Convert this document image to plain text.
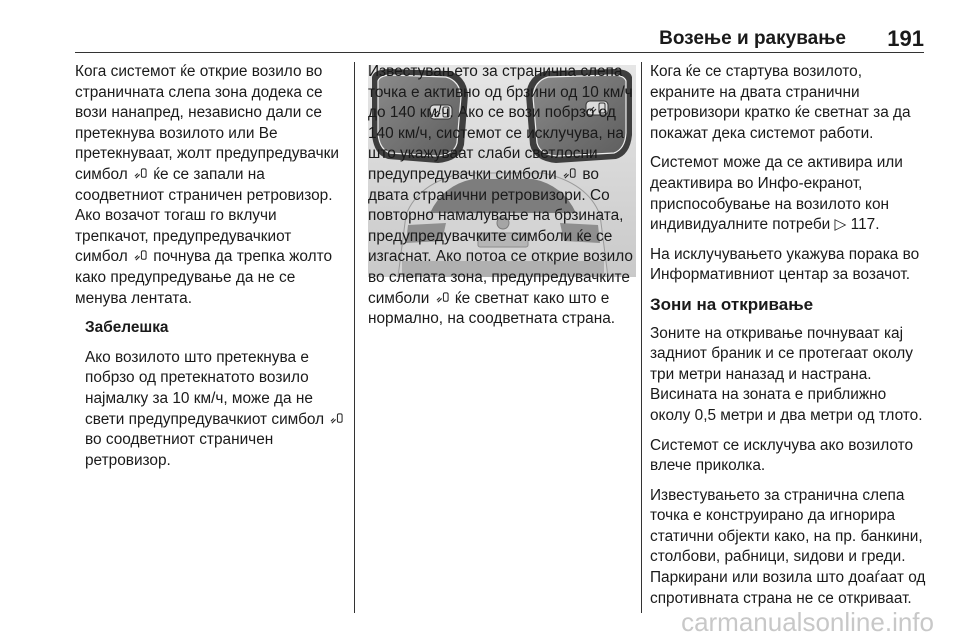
Возење и ракување 191

Кога системот ќе открие возило во страничната слепа зона додека се вози нанапред, независно дали се претекнува возилото или Ве претекнуваат, жолт предупредувачки симбол ќе се запали на соодветниот страничен ретровизор. Ако возачот тогаш го вклучи трепкачот, предупредувачкиот симбол почнува да трепка жолто како предупредување да не се менува лентата.

Забелешка

Ако возилото што претекнува е побрзо од претекнатото возило најмалку за 10 км/ч, може да не свети предупредувачкиот симбол  во соодветниот страничен ретровизор.

Известувањето за странична слепа точка е активно од брзини од 10 км/ч до 140 км/ч. Ако се вози побрзо од 140 км/ч, системот се исклучува, на што укажуваат слаби светлосни предупредувачки симболи во двата странични ретровизори. Со повторно намалување на брзината, предупредувачките симболи ќе се изгаснат. Ако потоа се открие возило во слепата зона, предупредувачките симболи ќе светнат како што е нормално, на соодветната страна.

Кога ќе се стартува возилото, екраните на двата странични ретровизори кратко ќе светнат за да покажат дека системот работи.

Системот може да се активира или деактивира во Инфо-екранот, приспособување на возилото кон индивидуалните потреби ▷ 117.

На исклучувањето укажува порака во Информативниот центар за возачот.

Зони на откривање

Зоните на откривање почнуваат кај задниот браник и се протегаат околу три метри наназад и настрана. Висината на зоната е приближно околу 0,5 метри и два метри од тлото.

Системот се исклучува ако возилото влече приколка.

Известувањето за странична слепа точка е конструирано да игнорира статични објекти како, на пр. банкини, столбови, рабници, ѕидови и греди. Паркирани или возила што доаѓаат од спротивната страна не се откриваат.

carmanualsonline.info
